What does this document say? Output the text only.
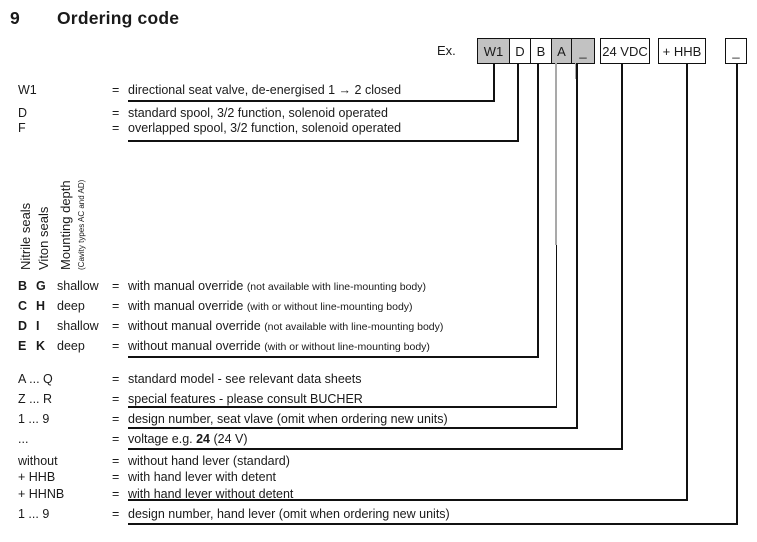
9 Ordering code
Ex.	W1 D B A	_	24 VDC	+ HHB	_
Nitrile seals Viton seals Mounting depth (Cavity types AC and AD)
W1	= directional seat valve, de-energised 1 → 2 closed
D	= standard spool, 3/2 function, solenoid operated
F	= overlapped spool, 3/2 function, solenoid operated
B G shallow = with manual override (not available with line-mounting body)
C H deep = with manual override (with or without line-mounting body)
D I shallow = without manual override (not available with line-mounting body)
E K deep = without manual override (with or without line-mounting body)
A ... Q	= standard model - see relevant data sheets
Z ... R	= special features - please consult BUCHER
1 ... 9	= design number, seat vlave (omit when ordering new units)
...	= voltage e.g. 24 (24 V)
without	= without hand lever (standard)
+ HHB	= with hand lever with detent
+ HHNB	= with hand lever without detent
1 ... 9	= design number, hand lever (omit when ordering new units)
